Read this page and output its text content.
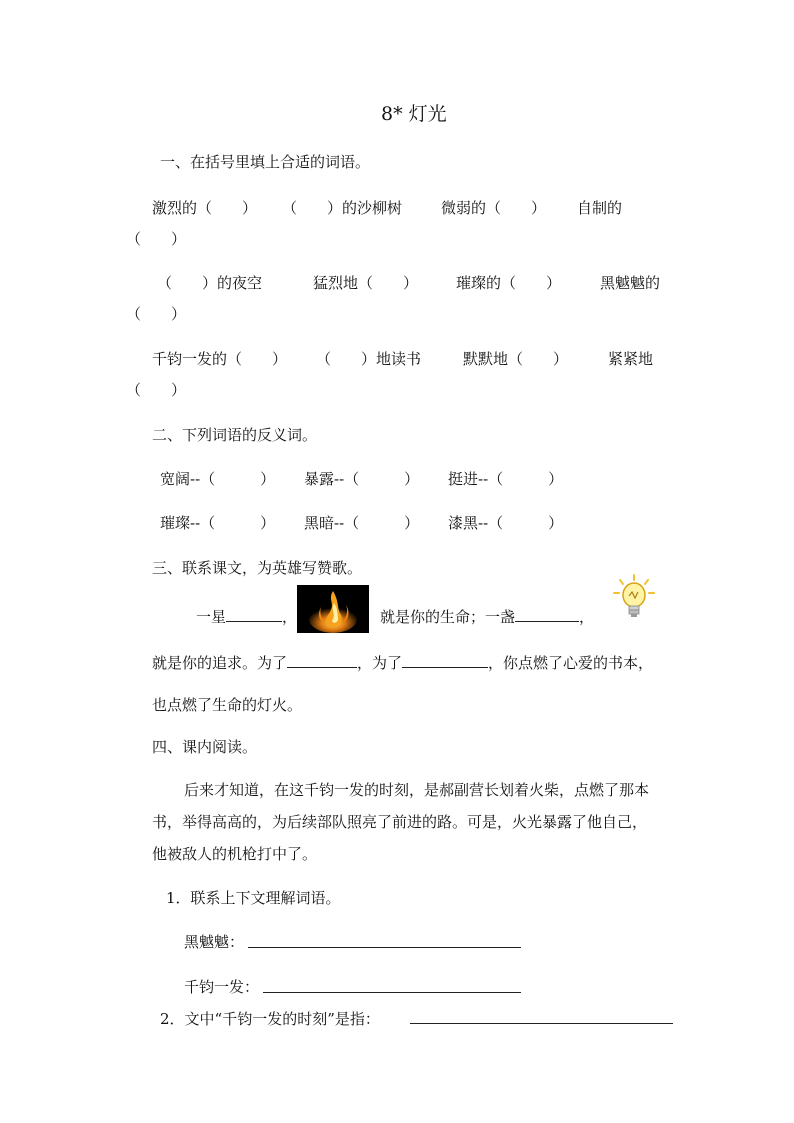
8* 灯光
一、在括号里填上合适的词语。
激烈的（　　） （　　）的沙柳树	微弱的（　　） 自制的
（　　）
（　　）的夜空	猛烈地（　　）	璀璨的（　　）	黑魆魆的
（　　）
千钧一发的（　　） （　　）地读书	默默地（　　）	紧紧地
（　　）
二、下列词语的反义词。
宽阔--（　　　） 暴露--（　　　） 挺进--（　　　）
璀璨--（　　　） 黑暗--（　　　） 漆黑--（　　　）
三、联系课文，为英雄写赞歌。
一星	，	就是你的生命；一盏	，
就是你的追求。为了	，为了	，你点燃了心爱的书本，
也点燃了生命的灯火。
四、课内阅读。
后来才知道，在这千钧一发的时刻，是郝副营长划着火柴，点燃了那本
书，举得高高的，为后续部队照亮了前进的路。可是，火光暴露了他自己，
他被敌人的机枪打中了。
1．联系上下文理解词语。
黑魆魆：
千钧一发：
2．文中“千钧一发的时刻”是指：
